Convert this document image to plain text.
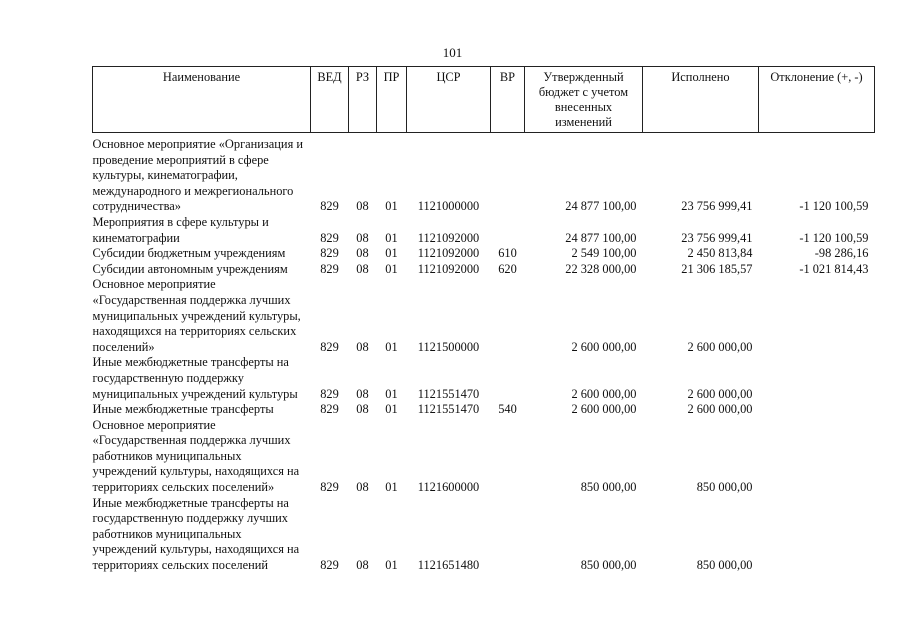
101
Наименование	ВЕД	РЗ	ПР	ЦСР	ВР	Утвержденный бюджет с учетом внесенных изменений	Исполнено	Отклонение (+, -)
Основное мероприятие «Организация и проведение мероприятий в сфере культуры, кинематографии, международного и межрегионального сотрудничества»	829	08	01	1121000000		24 877 100,00	23 756 999,41	-1 120 100,59
Мероприятия в сфере культуры и кинематографии	829	08	01	1121092000		24 877 100,00	23 756 999,41	-1 120 100,59
Субсидии бюджетным учреждениям	829	08	01	1121092000	610	2 549 100,00	2 450 813,84	-98 286,16
Субсидии автономным учреждениям	829	08	01	1121092000	620	22 328 000,00	21 306 185,57	-1 021 814,43
Основное мероприятие «Государственная поддержка лучших муниципальных учреждений культуры, находящихся на территориях сельских поселений»	829	08	01	1121500000		2 600 000,00	2 600 000,00	
Иные межбюджетные трансферты на государственную поддержку муниципальных учреждений культуры	829	08	01	1121551470		2 600 000,00	2 600 000,00	
Иные межбюджетные трансферты	829	08	01	1121551470	540	2 600 000,00	2 600 000,00	
Основное мероприятие «Государственная поддержка лучших работников муниципальных учреждений культуры, находящихся на территориях сельских поселений»	829	08	01	1121600000		850 000,00	850 000,00	
Иные межбюджетные трансферты на государственную поддержку лучших работников муниципальных учреждений культуры, находящихся на территориях сельских поселений	829	08	01	1121651480		850 000,00	850 000,00	
